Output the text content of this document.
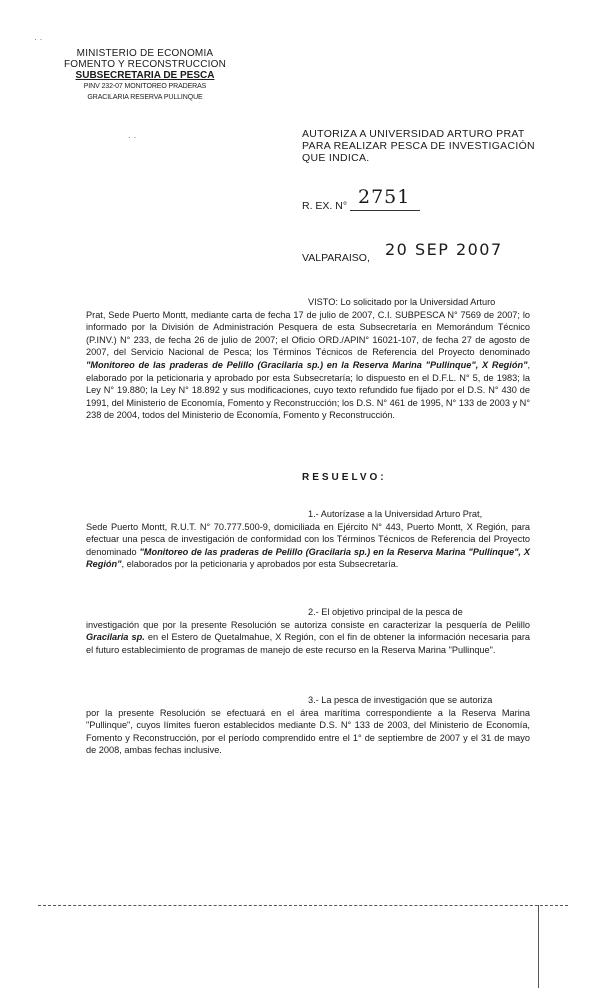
MINISTERIO DE ECONOMIA
FOMENTO Y RECONSTRUCCION
SUBSECRETARIA DE PESCA
PINV 232-07 MONITOREO PRADERAS
GRACILARIA RESERVA PULLINQUE
AUTORIZA A UNIVERSIDAD ARTURO PRAT PARA REALIZAR PESCA DE INVESTIGACIÓN QUE INDICA.
R. EX. N° 2751
VALPARAISO, 20 SEP 2007
VISTO: Lo solicitado por la Universidad Arturo
Prat, Sede Puerto Montt, mediante carta de fecha 17 de julio de 2007, C.I. SUBPESCA N° 7569 de 2007; lo informado por la División de Administración Pesquera de esta Subsecretaría en Memorándum Técnico (P.INV.) N° 233, de fecha 26 de julio de 2007; el Oficio ORD./APIN° 16021-107, de fecha 27 de agosto de 2007, del Servicio Nacional de Pesca; los Términos Técnicos de Referencia del Proyecto denominado "Monitoreo de las praderas de Pelillo (Gracilaria sp.) en la Reserva Marina "Pullinque", X Región", elaborado por la peticionaria y aprobado por esta Subsecretaría; lo dispuesto en el D.F.L. N° 5, de 1983; la Ley N° 19.880; la Ley N° 18.892 y sus modificaciones, cuyo texto refundido fue fijado por el D.S. N° 430 de 1991, del Ministerio de Economía, Fomento y Reconstrucción; los D.S. N° 461 de 1995, N° 133 de 2003 y N° 238 de 2004, todos del Ministerio de Economía, Fomento y Reconstrucción.
RESUELVO:
1.- Autorízase a la Universidad Arturo Prat,
Sede Puerto Montt, R.U.T. N° 70.777.500-9, domiciliada en Ejército N° 443, Puerto Montt, X Región, para efectuar una pesca de investigación de conformidad con los Términos Técnicos de Referencia del Proyecto denominado "Monitoreo de las praderas de Pelillo (Gracilaria sp.) en la Reserva Marina "Pullinque", X Región", elaborados por la peticionaria y aprobados por esta Subsecretaría.
2.- El objetivo principal de la pesca de
investigación que por la presente Resolución se autoriza consiste en caracterizar la pesquería de Pelillo Gracilaria sp. en el Estero de Quetalmahue, X Región, con el fin de obtener la información necesaria para el futuro establecimiento de programas de manejo de este recurso en la Reserva Marina "Pullinque".
3.- La pesca de investigación que se autoriza
por la presente Resolución se efectuará en el área marítima correspondiente a la Reserva Marina "Pullinque", cuyos límites fueron establecidos mediante D.S. N° 133 de 2003, del Ministerio de Economía, Fomento y Reconstrucción, por el período comprendido entre el 1° de septiembre de 2007 y el 31 de mayo de 2008, ambas fechas inclusive.
· ·
· ·
